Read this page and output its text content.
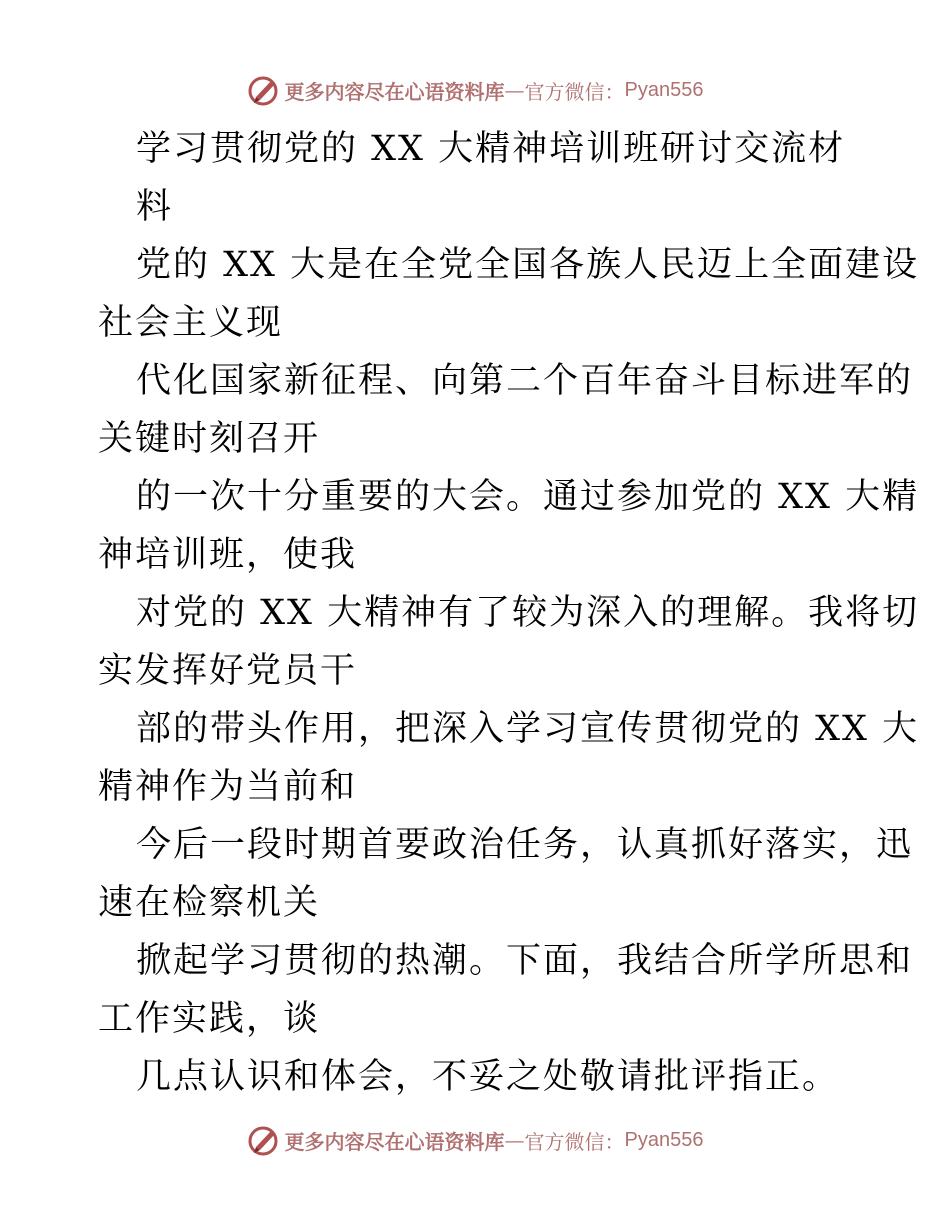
更多内容尽在心语资料库 — 官方微信： Pyan556
学习贯彻党的 XX 大精神培训班研讨交流材
料
党的 XX 大是在全党全国各族人民迈上全面建设
社会主义现
代化国家新征程、向第二个百年奋斗目标进军的
关键时刻召开
的一次十分重要的大会。通过参加党的 XX 大精
神培训班，使我
对党的 XX 大精神有了较为深入的理解。我将切
实发挥好党员干
部的带头作用，把深入学习宣传贯彻党的 XX 大
精神作为当前和
今后一段时期首要政治任务，认真抓好落实，迅
速在检察机关
掀起学习贯彻的热潮。下面，我结合所学所思和
工作实践，谈
几点认识和体会，不妥之处敬请批评指正。
更多内容尽在心语资料库 — 官方微信： Pyan556
